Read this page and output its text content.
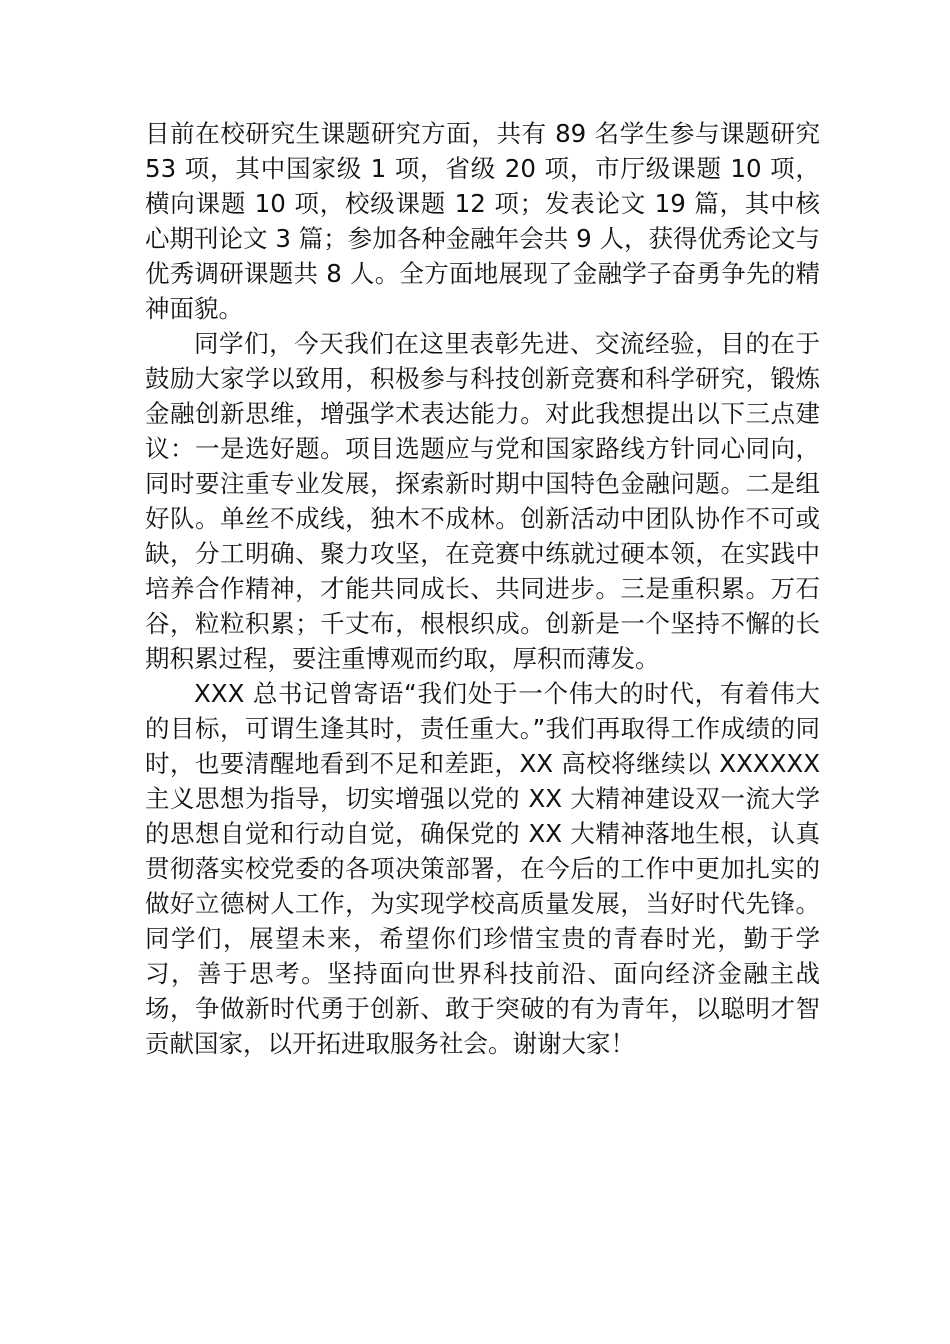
目前在校研究生课题研究方面，共有 89 名学生参与课题研究 53 项，其中国家级 1 项，省级 20 项，市厅级课题 10 项，横向课题 10 项，校级课题 12 项；发表论文 19 篇，其中核心期刊论文 3 篇；参加各种金融年会共 9 人，获得优秀论文与优秀调研课题共 8 人。全方面地展现了金融学子奋勇争先的精神面貌。

同学们，今天我们在这里表彰先进、交流经验，目的在于鼓励大家学以致用，积极参与科技创新竞赛和科学研究，锻炼金融创新思维，增强学术表达能力。对此我想提出以下三点建议：一是选好题。项目选题应与党和国家路线方针同心同向，同时要注重专业发展，探索新时期中国特色金融问题。二是组好队。单丝不成线，独木不成林。创新活动中团队协作不可或缺，分工明确、聚力攻坚，在竞赛中练就过硬本领，在实践中培养合作精神，才能共同成长、共同进步。三是重积累。万石谷，粒粒积累；千丈布，根根织成。创新是一个坚持不懈的长期积累过程，要注重博观而约取，厚积而薄发。

XXX 总书记曾寄语“我们处于一个伟大的时代，有着伟大的目标，可谓生逢其时，责任重大。”我们再取得工作成绩的同时，也要清醒地看到不足和差距，XX 高校将继续以 XXXXXX 主义思想为指导，切实增强以党的 XX 大精神建设双一流大学的思想自觉和行动自觉，确保党的 XX 大精神落地生根，认真贯彻落实校党委的各项决策部署，在今后的工作中更加扎实的做好立德树人工作，为实现学校高质量发展，当好时代先锋。同学们，展望未来，希望你们珍惜宝贵的青春时光，勤于学习，善于思考。坚持面向世界科技前沿、面向经济金融主战场，争做新时代勇于创新、敢于突破的有为青年，以聪明才智贡献国家，以开拓进取服务社会。谢谢大家！
